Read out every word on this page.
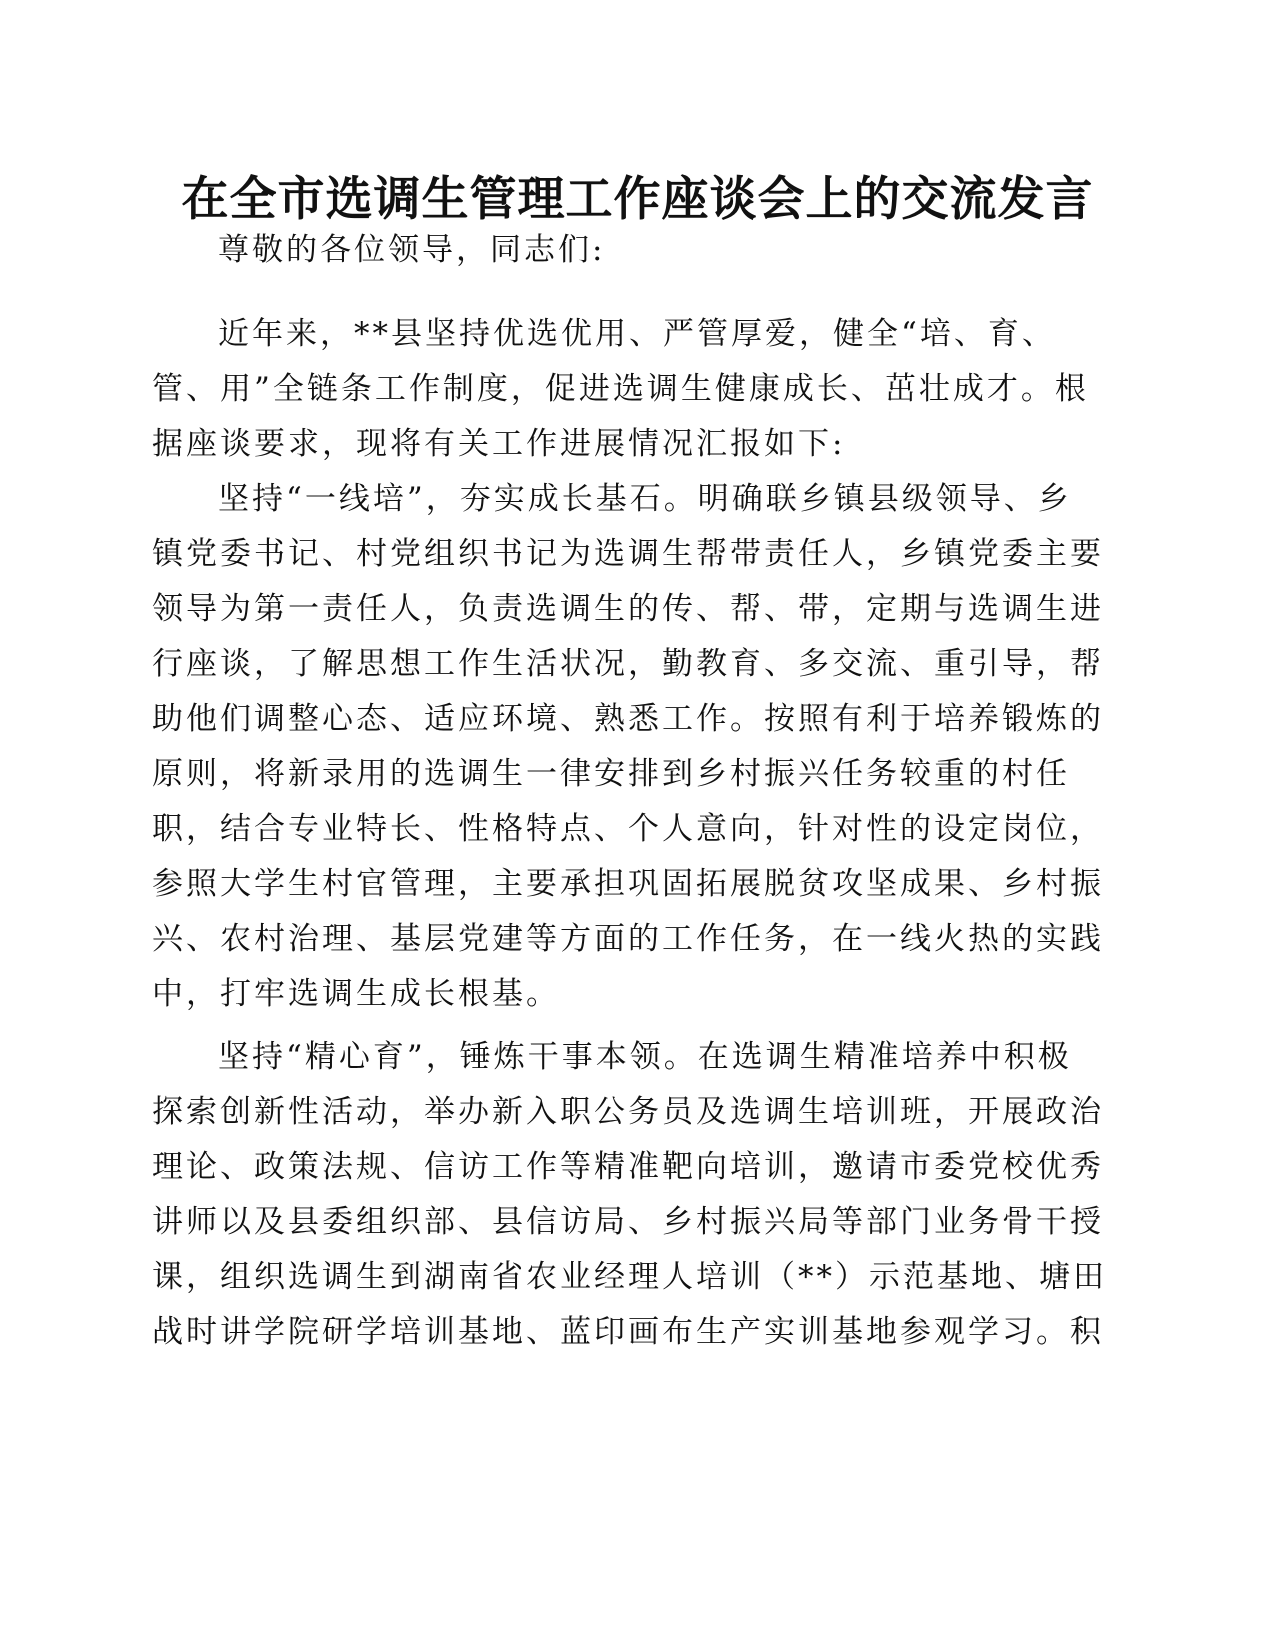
在全市选调生管理工作座谈会上的交流发言
尊敬的各位领导，同志们:
近年来，**县坚持优选优用、严管厚爱，健全“培、育、
管、用”全链条工作制度，促进选调生健康成长、茁壮成才。根
据座谈要求，现将有关工作进展情况汇报如下:
坚持“一线培”，夯实成长基石。明确联乡镇县级领导、乡
镇党委书记、村党组织书记为选调生帮带责任人，乡镇党委主要
领导为第一责任人，负责选调生的传、帮、带，定期与选调生进
行座谈，了解思想工作生活状况，勤教育、多交流、重引导，帮
助他们调整心态、适应环境、熟悉工作。按照有利于培养锻炼的
原则，将新录用的选调生一律安排到乡村振兴任务较重的村任
职，结合专业特长、性格特点、个人意向，针对性的设定岗位，
参照大学生村官管理，主要承担巩固拓展脱贫攻坚成果、乡村振
兴、农村治理、基层党建等方面的工作任务，在一线火热的实践
中，打牢选调生成长根基。
坚持“精心育”，锤炼干事本领。在选调生精准培养中积极
探索创新性活动，举办新入职公务员及选调生培训班，开展政治
理论、政策法规、信访工作等精准靶向培训，邀请市委党校优秀
讲师以及县委组织部、县信访局、乡村振兴局等部门业务骨干授
课，组织选调生到湖南省农业经理人培训（**）示范基地、塘田
战时讲学院研学培训基地、蓝印画布生产实训基地参观学习。积
